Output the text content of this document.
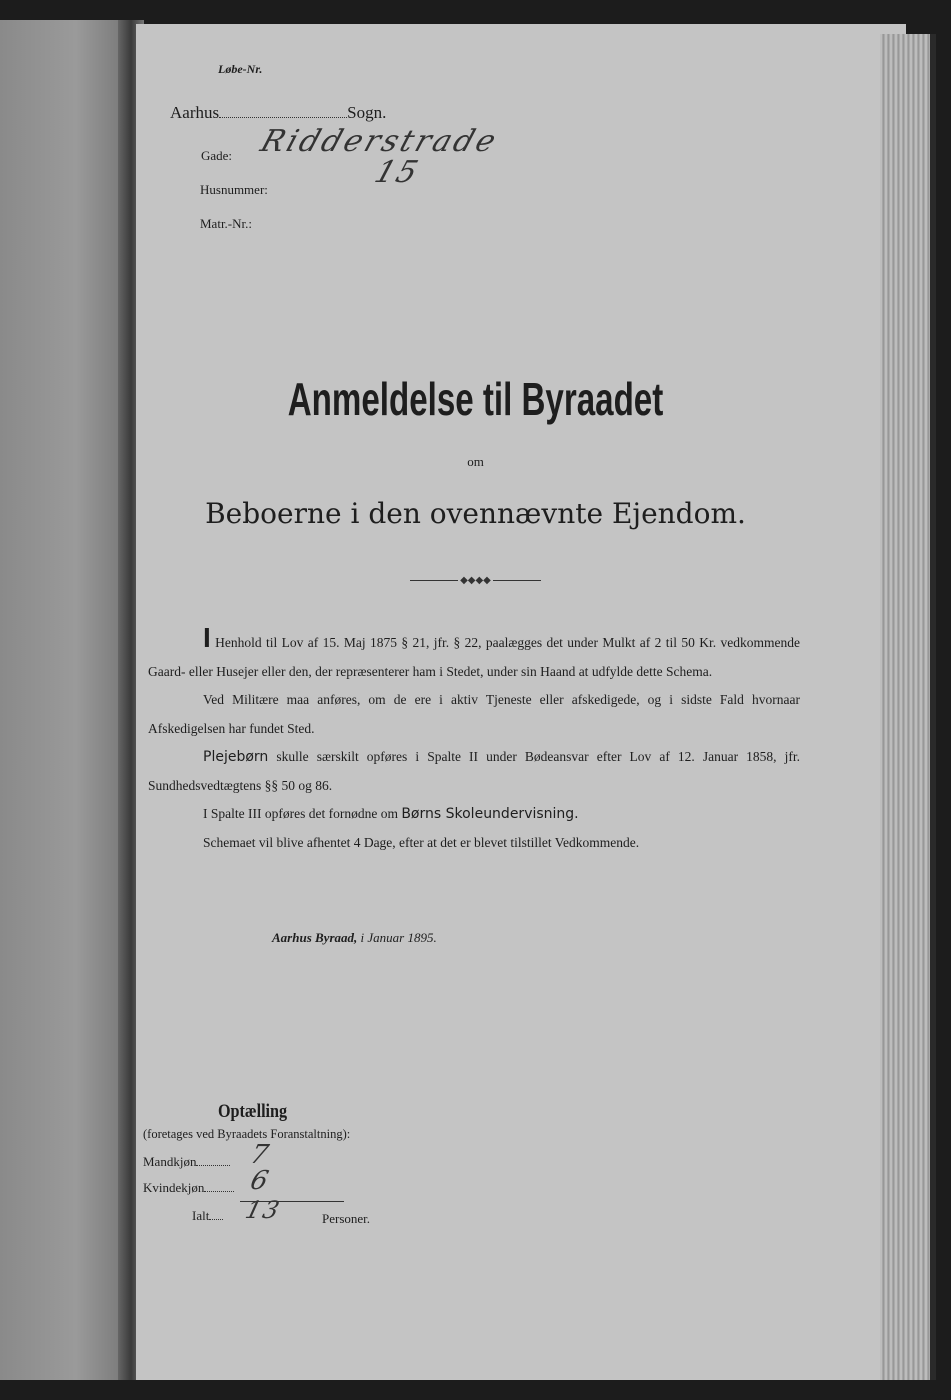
Løbe-Nr.
Aarhus	Sogn.
Gade: Ridderstrade
Husnummer:	15
Matr.-Nr.:
Anmeldelse til Byraadet
om
Beboerne i den ovennævnte Ejendom.
◆◆◆◆

I Henhold til Lov af 15. Maj 1875 § 21, jfr. § 22, paalægges det under Mulkt af 2 til 50 Kr. vedkommende Gaard- eller Husejer eller den, der repræsenterer ham i Stedet, under sin Haand at udfylde dette Schema.

Ved Militære maa anføres, om de ere i aktiv Tjeneste eller afskedigede, og i sidste Fald hvornaar Afskedigelsen har fundet Sted.

Plejebørn skulle særskilt opføres i Spalte II under Bødeansvar efter Lov af 12. Januar 1858, jfr. Sundhedsvedtægtens §§ 50 og 86.

I Spalte III opføres det fornødne om Børns Skoleundervisning.

Schemaet vil blive afhentet 4 Dage, efter at det er blevet tilstillet Vedkommende.

Aarhus Byraad, i Januar 1895.
Optælling
(foretages ved Byraadets Foranstaltning):
Mandkjøn	7
Kvindekjøn	6
Ialt	13	Personer.
